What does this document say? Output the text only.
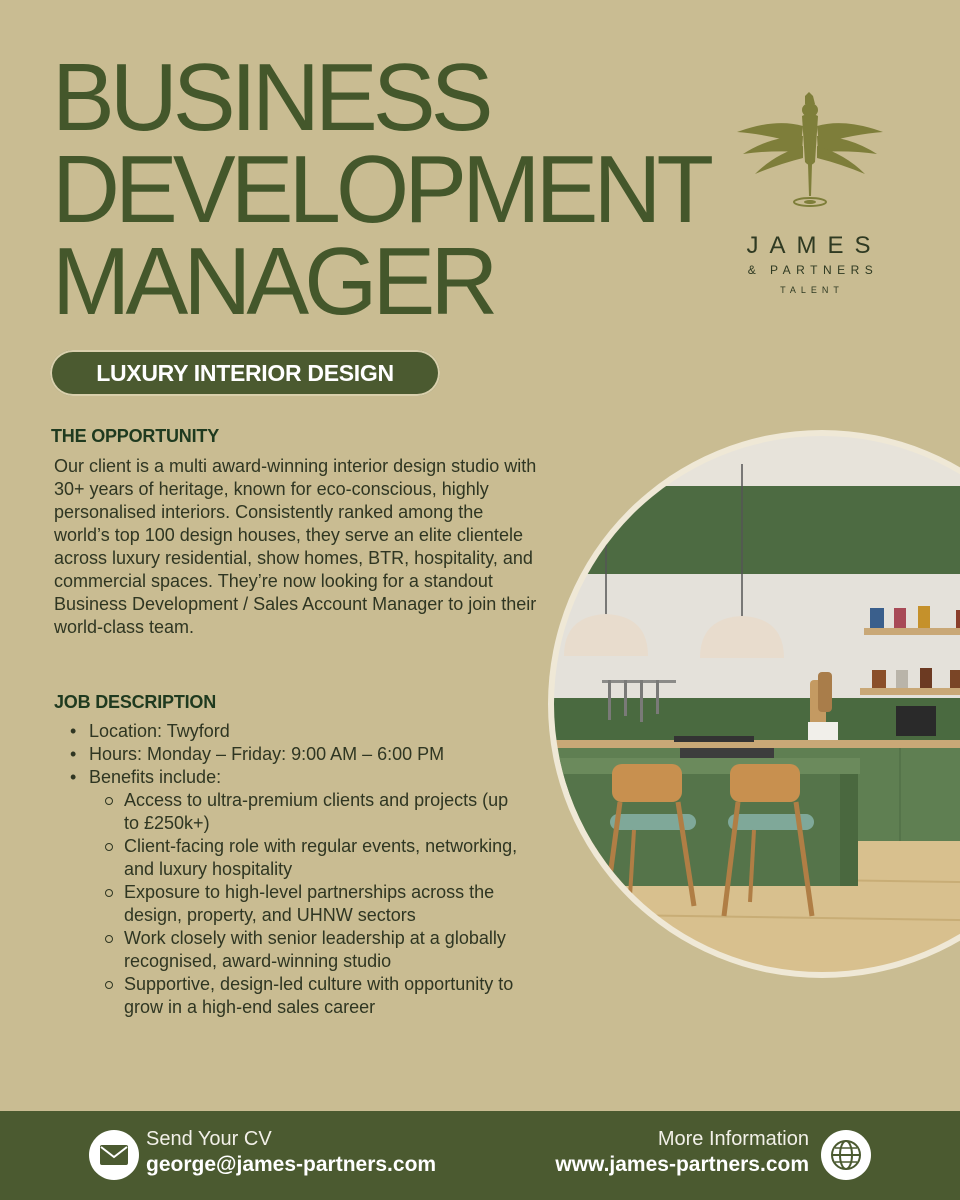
BUSINESS
DEVELOPMENT
MANAGER	JAMES
& PARTNERS
TALENT
LUXURY INTERIOR DESIGN
THE OPPORTUNITY

Our client is a multi award-winning interior design studio with 30+ years of heritage, known for eco-conscious, highly personalised interiors. Consistently ranked among the world’s top 100 design houses, they serve an elite clientele across luxury residential, show homes, BTR, hospitality, and commercial spaces. They’re now looking for a standout Business Development / Sales Account Manager to join their world-class team.

JOB DESCRIPTION
• Location: Twyford
• Hours: Monday – Friday: 9:00 AM – 6:00 PM
• Benefits include:
Access to ultra-premium clients and projects (up to £250k+)
Client-facing role with regular events, networking, and luxury hospitality
Exposure to high-level partnerships across the design, property, and UHNW sectors
Work closely with senior leadership at a globally recognised, award-winning studio
Supportive, design-led culture with opportunity to grow in a high-end sales career
Send Your CV
george@james-partners.com
More Information
www.james-partners.com
